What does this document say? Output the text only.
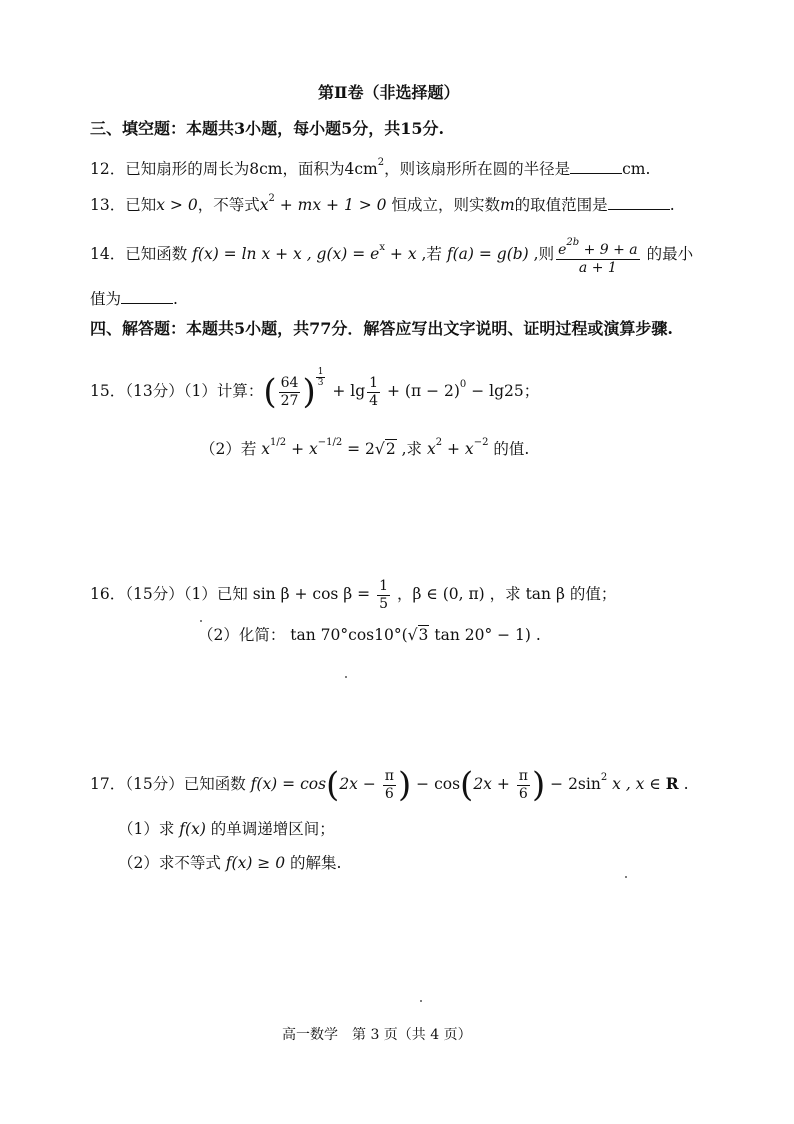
第Ⅱ卷（非选择题）
三、填空题：本题共3小题，每小题5分，共15分.
12．已知扇形的周长为8cm，面积为$4cm^2$，则该扇形所在圆的半径是	cm.
13．已知x > 0，不等式$x^2$ + mx + 1 > 0 恒成立，则实数m的取值范围是	.
14．已知函数 f(x) = ln x + x , $g(x) = e^x + x$ ,若 f(a) = g(b) ,则 $\frac{e^{2b} + 9 + a}{a + 1}$ 的最小
值为	.
四、解答题：本题共5小题，共77分．解答应写出文字说明、证明过程或演算步骤.
15．（13分）（1）计算：( $\frac{64}{27}$ ) $\frac{1}{3}$
+ $\lg \frac{1}{4} + (\pi - 2)^0 - \lg 25$；
（2）若 $x^{1/2} + x^{-1/2} = 2√2$ ,求 $x^2 + x^{-2}$ 的值.
16．（15分）（1）已知 $\sin \beta + \cos \beta = \frac{1}{5}$ ，β ∈ (0, π) ，求 tan β 的值；
（2）化简： tan 70°cos10°(√3 tan 20° − 1) .
17．（15分）已知函数 $f(x) = \cos(2x - \frac{\pi}{6}$ ) − $\cos(2x + \frac{\pi}{6}$ ) − $2\sin^2$ x , x ∈ R .
（1）求 f(x) 的单调递增区间；
（2）求不等式 f(x) ≥ 0 的解集.
高一数学　第 3 页（共 4 页）
